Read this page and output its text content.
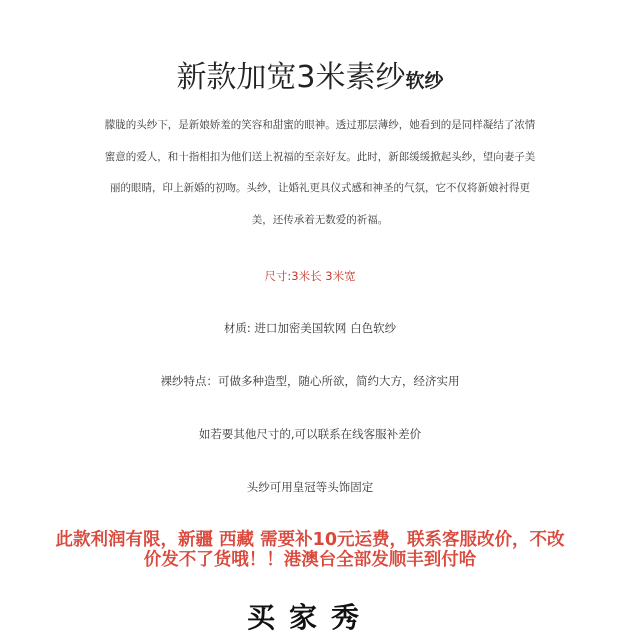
新款加宽3米素纱软纱
朦胧的头纱下，是新娘娇羞的笑容和甜蜜的眼神。透过那层薄纱，她看到的是同样凝结了浓情蜜意的爱人，和十指相扣为他们送上祝福的至亲好友。此时，新郎缓缓掀起头纱，望向妻子美丽的眼睛，印上新婚的初吻。头纱，让婚礼更具仪式感和神圣的气氛，它不仅将新娘衬得更美，还传承着无数爱的祈福。
尺寸:3米长 3米宽
材质: 进口加密美国软网 白色软纱
裸纱特点：可做多种造型，随心所欲，简约大方，经济实用
如若要其他尺寸的,可以联系在线客服补差价
头纱可用皇冠等头饰固定
此款利润有限，新疆 西藏 需要补10元运费，联系客服改价，不改
价发不了货哦！！港澳台全部发顺丰到付哈
买家秀
